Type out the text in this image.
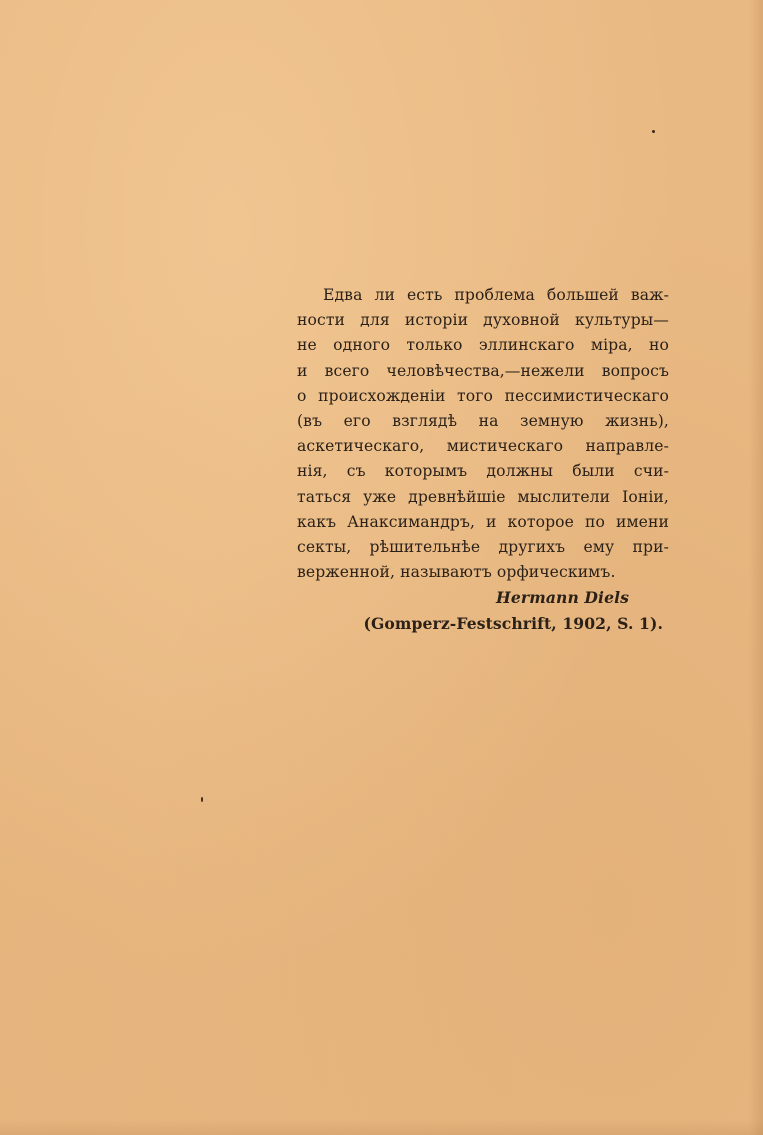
Едва ли есть проблема большей важ-
ности для исторіи духовной культуры—
не одного только эллинскаго міра, но
и всего человѣчества,—нежели вопросъ
о происхожденіи того пессимистическаго
(въ его взглядѣ на земную жизнь),
аскетическаго, мистическаго направле-
нія, съ которымъ должны были счи-
таться уже древнѣйшіе мыслители Іоніи,
какъ Анаксимандръ, и которое по имени
секты, рѣшительнѣе другихъ ему при-
верженной, называютъ орфическимъ.
Hermann Diels
(Gomperz-Festschrift, 1902, S. 1).
